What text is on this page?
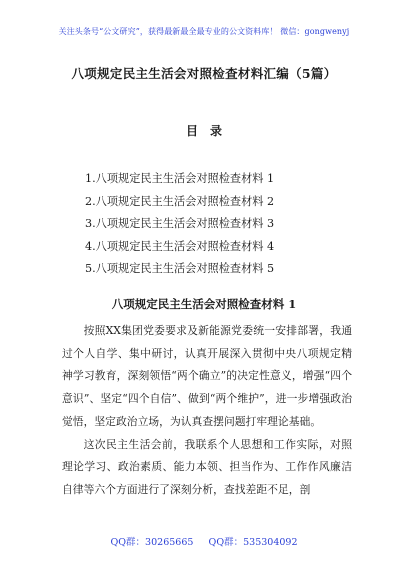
关注头条号“公文研究”，获得最新最全最专业的公文资料库！ 微信：gongwenyj
八项规定民主生活会对照检查材料汇编（5篇）
目录
1.八项规定民主生活会对照检查材料 1
2.八项规定民主生活会对照检查材料 2
3.八项规定民主生活会对照检查材料 3
4.八项规定民主生活会对照检查材料 4
5.八项规定民主生活会对照检查材料 5
八项规定民主生活会对照检查材料 1

按照XX集团党委要求及新能源党委统一安排部署，我通过个人自学、集中研讨，认真开展深入贯彻中央八项规定精神学习教育，深刻领悟“两个确立”的决定性意义，增强“四个意识”、坚定“四个自信”、做到“两个维护”，进一步增强政治觉悟，坚定政治立场，为认真查摆问题打牢理论基础。

这次民主生活会前，我联系个人思想和工作实际，对照理论学习、政治素质、能力本领、担当作为、工作作风廉洁自律等六个方面进行了深刻分析，查找差距不足，剖

QQ群：30265665 QQ群：535304092
